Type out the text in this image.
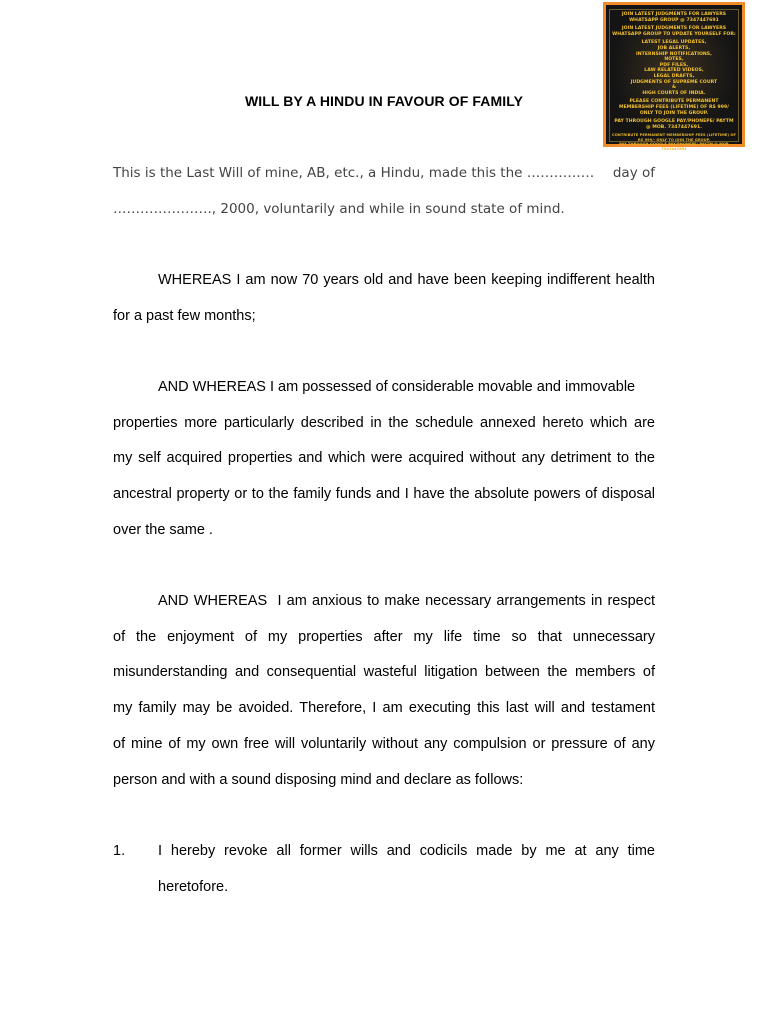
JOIN LATEST JUDGMENTS FOR LAWYERS

WHATSAPP GROUP @ 7347447691

JOIN LATEST JUDGMENTS FOR LAWYERS

WHATSAPP GROUP TO UPDATE YOURSELF FOR:

LATEST LEGAL UPDATES,

JOB ALERTS,

INTERNSHIP NOTIFICATIONS,

NOTES,

PDF FILES,

LAW RELATED VIDEOS,

LEGAL DRAFTS,

JUDGMENTS OF SUPREME COURT

&

HIGH COURTS OF INDIA.

PLEASE CONTRIBUTE PERMANENT

MEMBERSHIP FEES (LIFETIME) OF RS 999/

ONLY TO JOIN THE GROUP.

PAY THROUGH GOOGLE PAY/PHONEPE/ PAYTM

@ MOB. 7347447691.

CONTRIBUTE PERMANENT MEMBERSHIP FEES (LIFETIME) OF

RS 999/- ONLY TO JOIN THE GROUP.

PAY THROUGH GOOGLE PAY/PHONEPE/ PAYTM @ MOB 7347447691

WILL BY A HINDU IN FAVOUR OF FAMILY
This is the Last Will of mine, AB, etc., a Hindu, made this the …………… day of
…………………., 2000, voluntarily and while in sound state of mind.
WHEREAS I am now 70 years old and have been keeping indifferent health
for a past few months;
AND WHEREAS I am possessed of considerable movable and immovable
properties more particularly described in the schedule annexed hereto which are
my self acquired properties and which were acquired without any detriment to the
ancestral property or to the family funds and I have the absolute powers of disposal
over the same .
AND WHEREAS  I am anxious to make necessary arrangements in respect
of the enjoyment of my properties after my life time so that unnecessary
misunderstanding and consequential wasteful litigation between the members of
my family may be avoided. Therefore, I am executing this last will and testament
of mine of my own free will voluntarily without any compulsion or pressure of any
person and with a sound disposing mind and declare as follows:
1. I hereby revoke all former wills and codicils made by me at any time
heretofore.
